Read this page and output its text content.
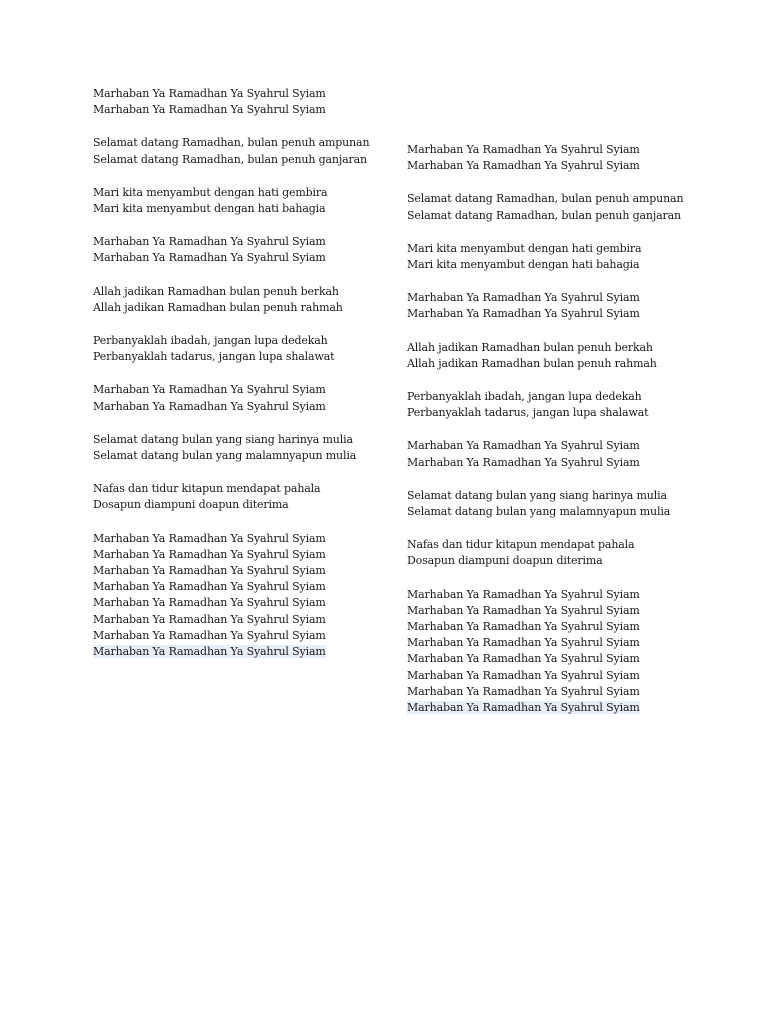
Marhaban Ya Ramadhan Ya Syahrul Syiam
Marhaban Ya Ramadhan Ya Syahrul Syiam
Selamat datang Ramadhan, bulan penuh ampunan
Selamat datang Ramadhan, bulan penuh ganjaran
Mari kita menyambut dengan hati gembira
Mari kita menyambut dengan hati bahagia
Marhaban Ya Ramadhan Ya Syahrul Syiam
Marhaban Ya Ramadhan Ya Syahrul Syiam
Allah jadikan Ramadhan bulan penuh berkah
Allah jadikan Ramadhan bulan penuh rahmah
Perbanyaklah ibadah, jangan lupa dedekah
Perbanyaklah tadarus, jangan lupa shalawat
Marhaban Ya Ramadhan Ya Syahrul Syiam
Marhaban Ya Ramadhan Ya Syahrul Syiam
Selamat datang bulan yang siang harinya mulia
Selamat datang bulan yang malamnyapun mulia
Nafas dan tidur kitapun mendapat pahala
Dosapun diampuni doapun diterima
Marhaban Ya Ramadhan Ya Syahrul Syiam
Marhaban Ya Ramadhan Ya Syahrul Syiam
Marhaban Ya Ramadhan Ya Syahrul Syiam
Marhaban Ya Ramadhan Ya Syahrul Syiam
Marhaban Ya Ramadhan Ya Syahrul Syiam
Marhaban Ya Ramadhan Ya Syahrul Syiam
Marhaban Ya Ramadhan Ya Syahrul Syiam
Marhaban Ya Ramadhan Ya Syahrul Syiam
Marhaban Ya Ramadhan Ya Syahrul Syiam
Marhaban Ya Ramadhan Ya Syahrul Syiam
Selamat datang Ramadhan, bulan penuh ampunan
Selamat datang Ramadhan, bulan penuh ganjaran
Mari kita menyambut dengan hati gembira
Mari kita menyambut dengan hati bahagia
Marhaban Ya Ramadhan Ya Syahrul Syiam
Marhaban Ya Ramadhan Ya Syahrul Syiam
Allah jadikan Ramadhan bulan penuh berkah
Allah jadikan Ramadhan bulan penuh rahmah
Perbanyaklah ibadah, jangan lupa dedekah
Perbanyaklah tadarus, jangan lupa shalawat
Marhaban Ya Ramadhan Ya Syahrul Syiam
Marhaban Ya Ramadhan Ya Syahrul Syiam
Selamat datang bulan yang siang harinya mulia
Selamat datang bulan yang malamnyapun mulia
Nafas dan tidur kitapun mendapat pahala
Dosapun diampuni doapun diterima
Marhaban Ya Ramadhan Ya Syahrul Syiam
Marhaban Ya Ramadhan Ya Syahrul Syiam
Marhaban Ya Ramadhan Ya Syahrul Syiam
Marhaban Ya Ramadhan Ya Syahrul Syiam
Marhaban Ya Ramadhan Ya Syahrul Syiam
Marhaban Ya Ramadhan Ya Syahrul Syiam
Marhaban Ya Ramadhan Ya Syahrul Syiam
Marhaban Ya Ramadhan Ya Syahrul Syiam
